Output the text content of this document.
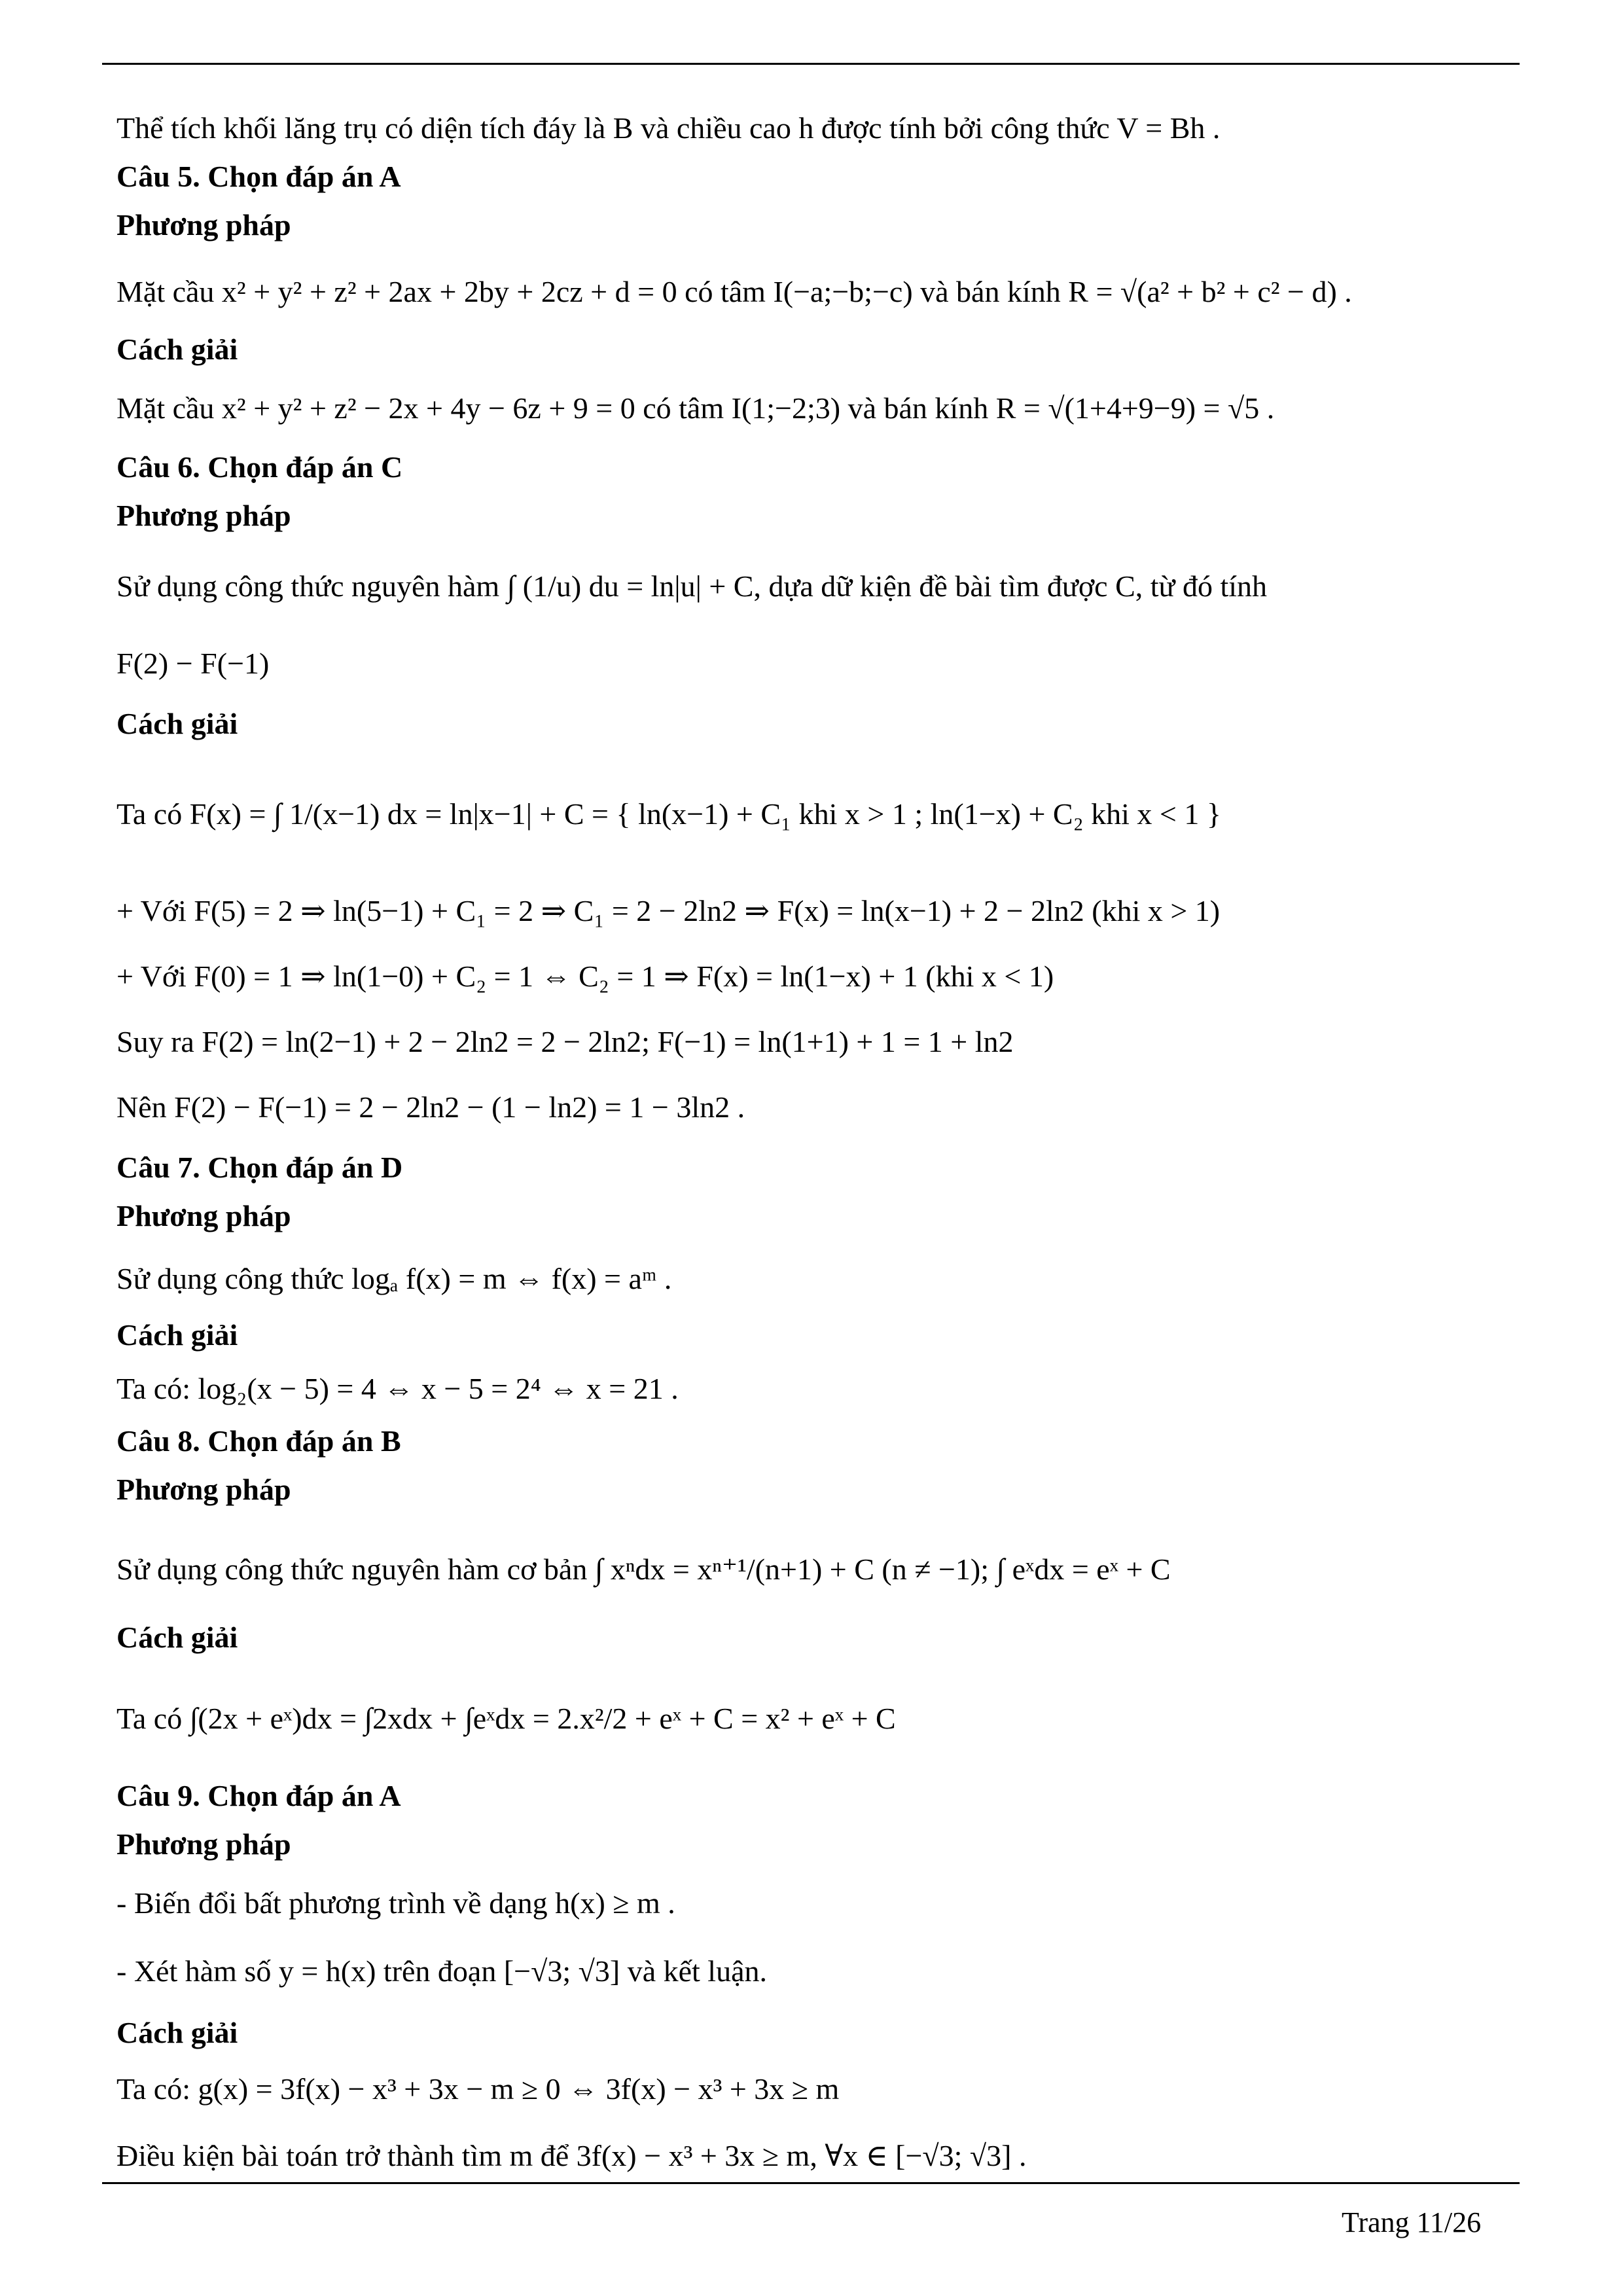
Thể tích khối lăng trụ có diện tích đáy là B và chiều cao h được tính bởi công thức V = Bh .
Câu 5. Chọn đáp án A
Phương pháp
Mặt cầu x² + y² + z² + 2ax + 2by + 2cz + d = 0 có tâm I(−a;−b;−c) và bán kính R = √(a² + b² + c² − d) .
Cách giải
Mặt cầu x² + y² + z² − 2x + 4y − 6z + 9 = 0 có tâm I(1;−2;3) và bán kính R = √(1+4+9−9) = √5 .
Câu 6. Chọn đáp án C
Phương pháp
Sử dụng công thức nguyên hàm ∫ (1/u) du = ln|u| + C, dựa dữ kiện đề bài tìm được C, từ đó tính
F(2) − F(−1)
Cách giải
Ta có F(x) = ∫ 1/(x−1) dx = ln|x−1| + C = { ln(x−1) + C₁ khi x > 1 ; ln(1−x) + C₂ khi x < 1 }
+ Với F(5) = 2 ⇒ ln(5−1) + C₁ = 2 ⇒ C₁ = 2 − 2ln2 ⇒ F(x) = ln(x−1) + 2 − 2ln2 (khi x > 1)
+ Với F(0) = 1 ⇒ ln(1−0) + C₂ = 1 ⇔ C₂ = 1 ⇒ F(x) = ln(1−x) + 1 (khi x < 1)
Suy ra F(2) = ln(2−1) + 2 − 2ln2 = 2 − 2ln2; F(−1) = ln(1+1) + 1 = 1 + ln2
Nên F(2) − F(−1) = 2 − 2ln2 − (1 − ln2) = 1 − 3ln2 .
Câu 7. Chọn đáp án D
Phương pháp
Sử dụng công thức logₐ f(x) = m ⇔ f(x) = aᵐ .
Cách giải
Ta có: log₂(x − 5) = 4 ⇔ x − 5 = 2⁴ ⇔ x = 21 .
Câu 8. Chọn đáp án B
Phương pháp
Sử dụng công thức nguyên hàm cơ bản ∫ xⁿdx = xⁿ⁺¹/(n+1) + C (n ≠ −1); ∫ eˣdx = eˣ + C
Cách giải
Ta có ∫(2x + eˣ)dx = ∫2xdx + ∫eˣdx = 2.x²/2 + eˣ + C = x² + eˣ + C
Câu 9. Chọn đáp án A
Phương pháp
- Biến đổi bất phương trình về dạng h(x) ≥ m .
- Xét hàm số y = h(x) trên đoạn [−√3; √3] và kết luận.
Cách giải
Ta có: g(x) = 3f(x) − x³ + 3x − m ≥ 0 ⇔ 3f(x) − x³ + 3x ≥ m
Điều kiện bài toán trở thành tìm m để 3f(x) − x³ + 3x ≥ m, ∀x ∈ [−√3; √3] .
Trang 11/26
